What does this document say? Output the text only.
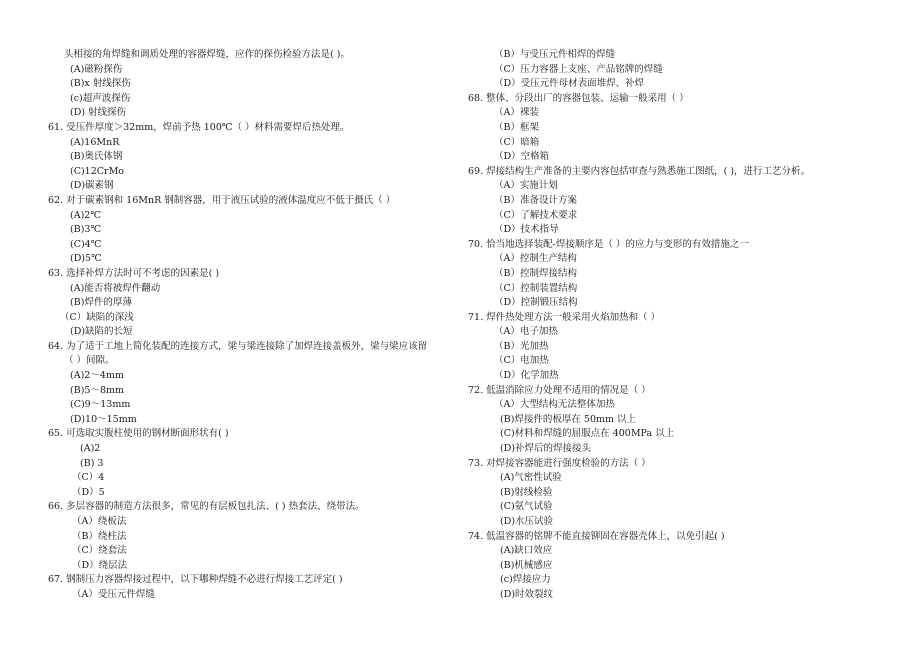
头相接的角焊缝和调质处理的容器焊缝，应作的探伤检验方法是( )。
(A)磁粉探伤
(B)x 射线探伤
(c)超声波探伤
(D) 射线探伤
61. 受压件厚度＞32mm，焊前予热 100℃（ ）材料需要焊后热处理。
(A)16MnR
(B)奥氏体钢
(C)12CrMo
(D)碳素钢
62. 对于碳素钢和 16MnR 钢制容器，用于液压试验的液体温度应不低于摄氏（ ）
(A)2℃
(B)3℃
(C)4℃
(D)5℃
63. 选择补焊方法时可不考虑的因素是( )
(A)能否将被焊件翻动
(B)焊件的厚薄
（C）缺陷的深浅
(D)缺陷的长短
64. 为了适于工地上简化装配的连接方式，梁与梁连接除了加焊连接盖板外，梁与梁应该留
（ ）间隙。
(A)2～4mm
(B)5～8mm
(C)9～13mm
(D)10～15mm
65. 可选取实腹柱使用的钢材断面形状有( )
(A)2
(B) 3
（C）4
（D）5
66. 多层容器的制造方法很多，常见的有层板包扎法、( ) 热套法、绕带法。
（A）绕板法
（B）绕柱法
（C）绕套法
（D）绕层法
67. 钢制压力容器焊接过程中，以下哪种焊缝不必进行焊接工艺评定( )
（A）受压元件焊缝
（B）与受压元件相焊的焊缝
（C）压力容器上支座、产品铭牌的焊缝
（D）受压元件母材表面堆焊、补焊
68. 整体、分段出厂的容器包装、运输一般采用（ ）
（A）裸装
（B）框架
（C）暗箱
（D）空格箱
69. 焊接结构生产准备的主要内容包括审查与熟悉施工图纸，( )，进行工艺分析。
（A）实施计划
（B）准备设计方案
（C）了解技术要求
（D）技术指导
70. 恰当地选择装配-焊接顺序是（ ）的应力与变形的有效措施之一
（A）控制生产结构
（B）控制焊接结构
（C）控制装置结构
（D）控制锻压结构
71. 焊件热处理方法一般采用火焰加热和（ ）
（A）电子加热
（B）光加热
（C）电加热
（D）化学加热
72. 低温消除应力处理不适用的情况是（ ）
（A）大型结构无法整体加热
(B)焊接件的板厚在 50mm 以上
(C)材料和焊缝的屈服点在 400MPa 以上
(D)补焊后的焊接接头
73. 对焊接容器能进行强度检验的方法（ ）
(A)气密性试验
(B)射线检验
(C)氨气试验
(D)水压试验
74. 低温容器的铭牌不能直接铆固在容器壳体上，以免引起( )
(A)缺口效应
(B)机械感应
(c)焊接应力
(D)时效裂纹
